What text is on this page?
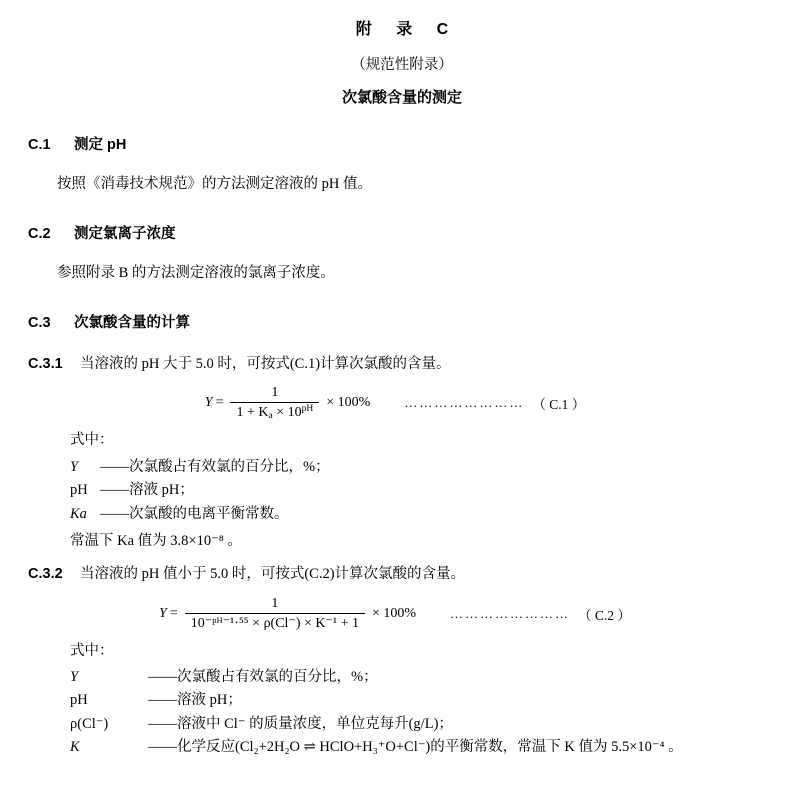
附 录 C
（规范性附录）
次氯酸含量的测定
C.1 测定 pH
按照《消毒技术规范》的方法测定溶液的 pH 值。
C.2 测定氯离子浓度
参照附录 B 的方法测定溶液的氯离子浓度。
C.3 次氯酸含量的计算
C.3.1 当溶液的 pH 大于 5.0 时，可按式(C.1)计算次氯酸的含量。
$Y = \frac{1}{1 + K_a \times 10^{pH}} \times 100\%$	…………………… （ C.1 ）
式中：
Y	—— 次氯酸占有效氯的百分比，%；
pH —— 溶液 pH；
Ka —— 次氯酸的电离平衡常数。
常温下 Ka 值为 3.8×10⁻⁸ 。
C.3.2 当溶液的 pH 值小于 5.0 时，可按式(C.2)计算次氯酸的含量。
$Y = \frac{1}{\text{10⁻ᵖᴴ⁻¹·⁵⁵ × ρ(Cl⁻) × K⁻¹ + 1}} \times 100\%$	…………………… （ C.2 ）
式中：
Y	—— 次氯酸占有效氯的百分比，%；
pH	—— 溶液 pH；
ρ(Cl⁻)	—— 溶液中 Cl⁻ 的质量浓度，单位克每升(g/L)；
K	—— 化学反应(Cl₂+2H₂O ⇌ HClO+H₃⁺O+Cl⁻)的平衡常数，常温下 K 值为 5.5×10⁻⁴ 。
